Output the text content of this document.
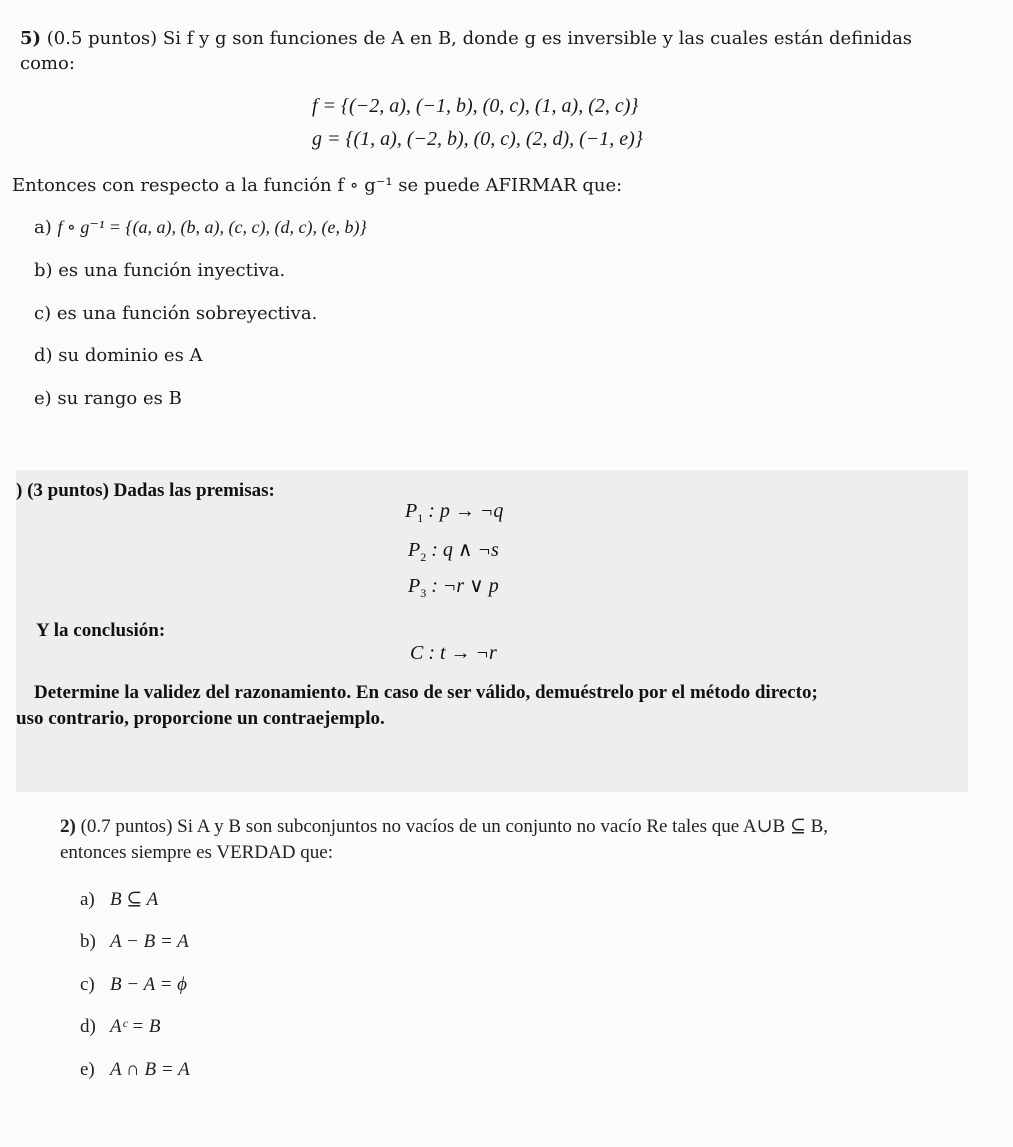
5) (0.5 puntos) Si f y g son funciones de A en B, donde g es inversible y las cuales están definidas
como:
f = {(−2, a), (−1, b), (0, c), (1, a), (2, c)}
g = {(1, a), (−2, b), (0, c), (2, d), (−1, e)}
Entonces con respecto a la función f ∘ g⁻¹ se puede AFIRMAR que:
a) f ∘ g⁻¹ = {(a, a), (b, a), (c, c), (d, c), (e, b)}
b) es una función inyectiva.
c) es una función sobreyectiva.
d) su dominio es A
e) su rango es B
) (3 puntos) Dadas las premisas:
$P_1$ : p → ¬q
$P_2$ : q ∧ ¬s
$P_3$ : ¬r ∨ p
Y la conclusión:
C : t → ¬r
Determine la validez del razonamiento. En caso de ser válido, demuéstrelo por el método directo;
uso contrario, proporcione un contraejemplo.
2) (0.7 puntos) Si A y B son subconjuntos no vacíos de un conjunto no vacío Re tales que A∪B ⊆ B,
entonces siempre es VERDAD que:
a) B ⊆ A
b) A − B = A
c) B − A = ϕ
d) Aᶜ = B
e) A ∩ B = A
